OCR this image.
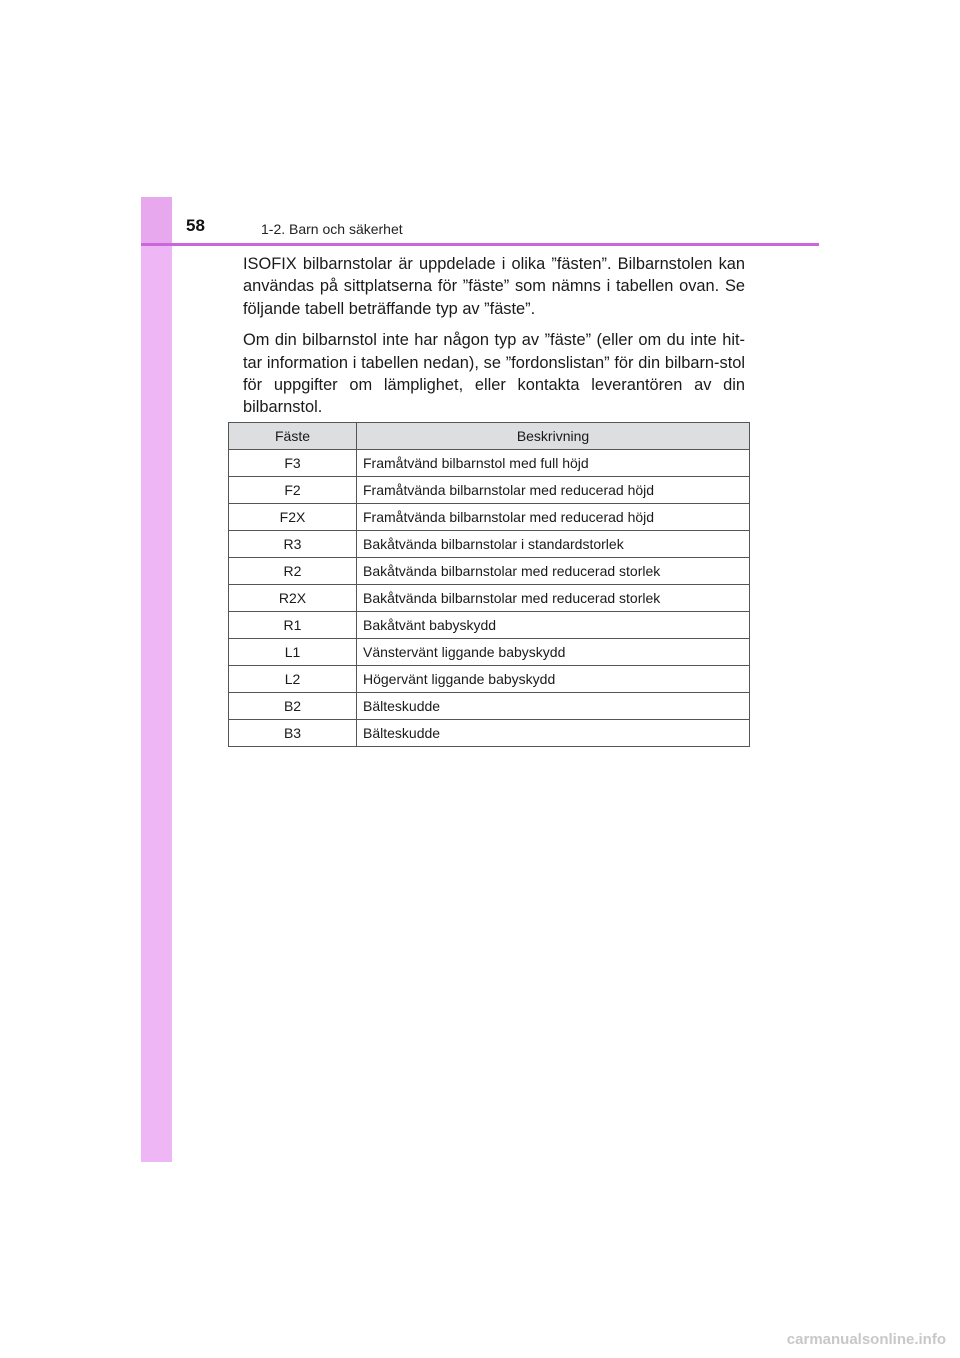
58	1-2. Barn och säkerhet

ISOFIX bilbarnstolar är uppdelade i olika ”fästen”. Bilbarnstolen kan användas på sittplatserna för ”fäste” som nämns i tabellen ovan. Se följande tabell beträffande typ av ”fäste”.

Om din bilbarnstol inte har någon typ av ”fäste” (eller om du inte hit-tar information i tabellen nedan), se ”fordonslistan” för din bilbarn-stol för uppgifter om lämplighet, eller kontakta leverantören av din bilbarnstol.

Fäste	Beskrivning
F3	Framåtvänd bilbarnstol med full höjd
F2	Framåtvända bilbarnstolar med reducerad höjd
F2X	Framåtvända bilbarnstolar med reducerad höjd
R3	Bakåtvända bilbarnstolar i standardstorlek
R2	Bakåtvända bilbarnstolar med reducerad storlek
R2X	Bakåtvända bilbarnstolar med reducerad storlek
R1	Bakåtvänt babyskydd
L1	Vänstervänt liggande babyskydd
L2	Högervänt liggande babyskydd
B2	Bälteskudde
B3	Bälteskudde
carmanualsonline.info
